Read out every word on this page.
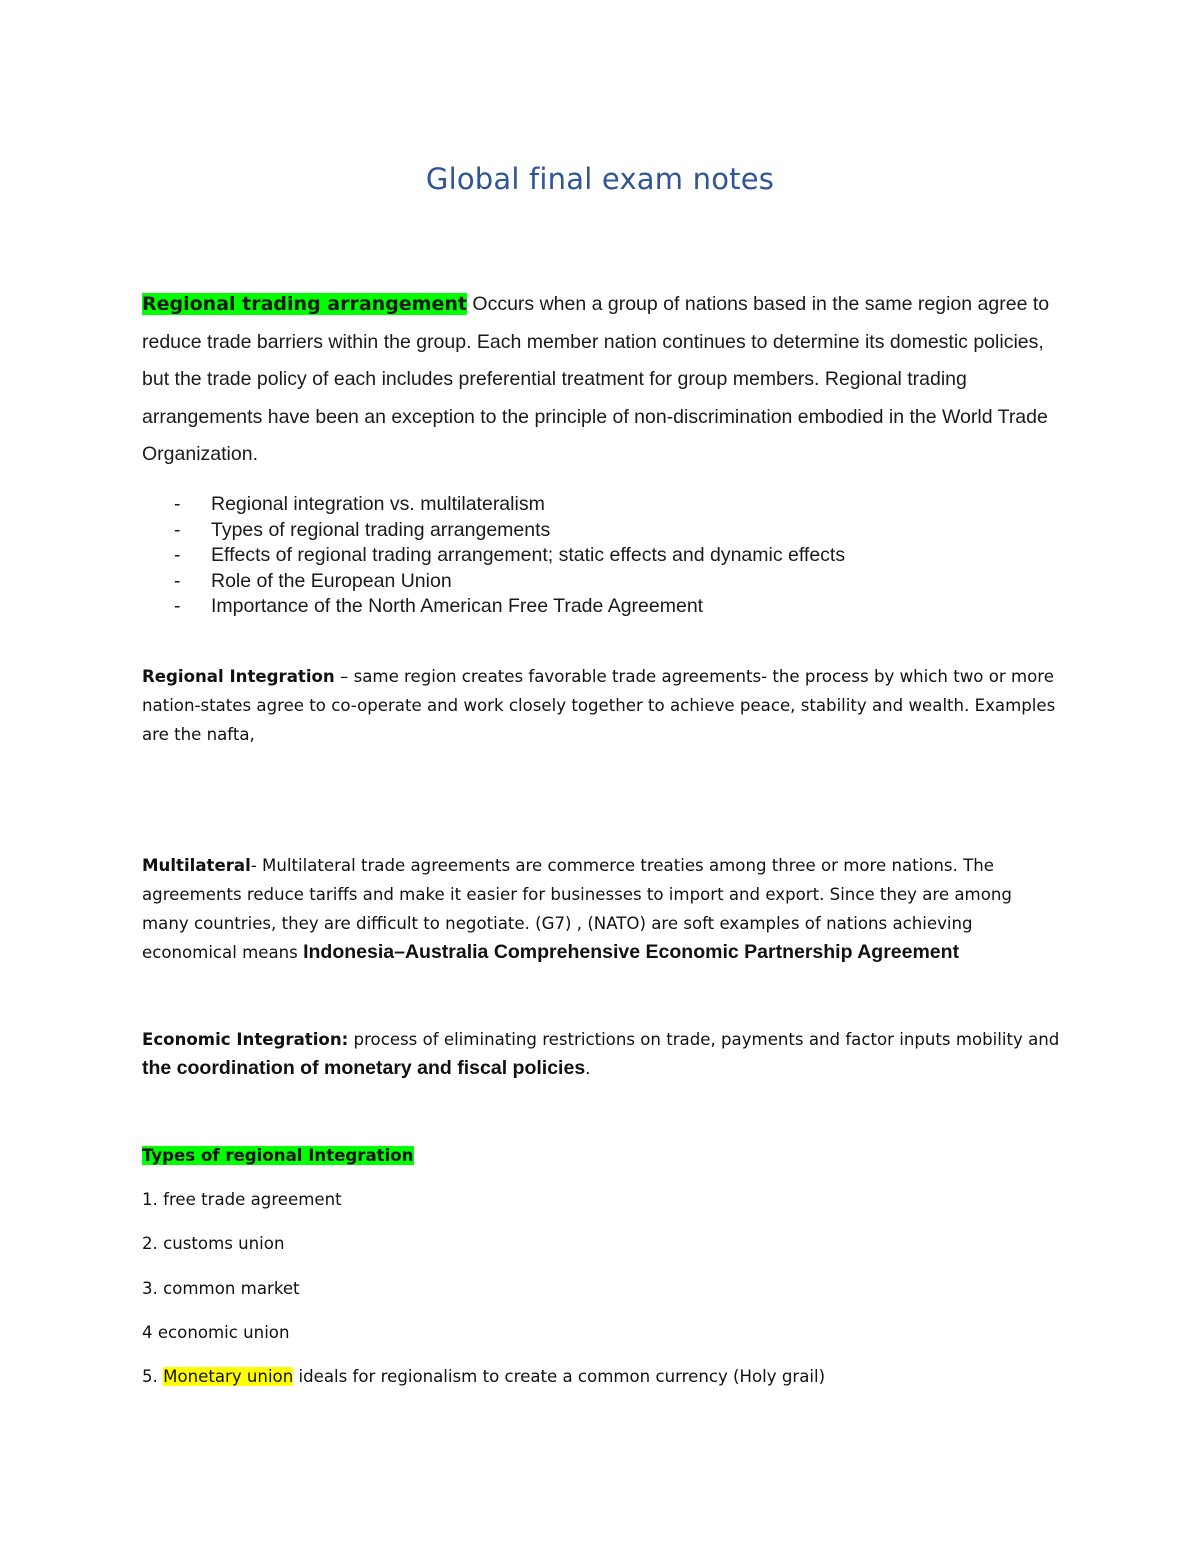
Global final exam notes
Regional trading arrangement Occurs when a group of nations based in the same region agree to reduce trade barriers within the group. Each member nation continues to determine its domestic policies, but the trade policy of each includes preferential treatment for group members. Regional trading arrangements have been an exception to the principle of non-discrimination embodied in the World Trade Organization.
- Regional integration vs. multilateralism
- Types of regional trading arrangements
- Effects of regional trading arrangement; static effects and dynamic effects
- Role of the European Union
- Importance of the North American Free Trade Agreement
Regional Integration – same region creates favorable trade agreements- the process by which two or more nation-states agree to co-operate and work closely together to achieve peace, stability and wealth. Examples are the nafta,
Multilateral- Multilateral trade agreements are commerce treaties among three or more nations. The agreements reduce tariffs and make it easier for businesses to import and export. Since they are among many countries, they are difficult to negotiate. (G7) , (NATO) are soft examples of nations achieving economical means Indonesia–Australia Comprehensive Economic Partnership Agreement
Economic Integration: process of eliminating restrictions on trade, payments and factor inputs mobility and the coordination of monetary and fiscal policies.
Types of regional Integration
1. free trade agreement
2. customs union
3. common market
4 economic union
5. Monetary union ideals for regionalism to create a common currency (Holy grail)
